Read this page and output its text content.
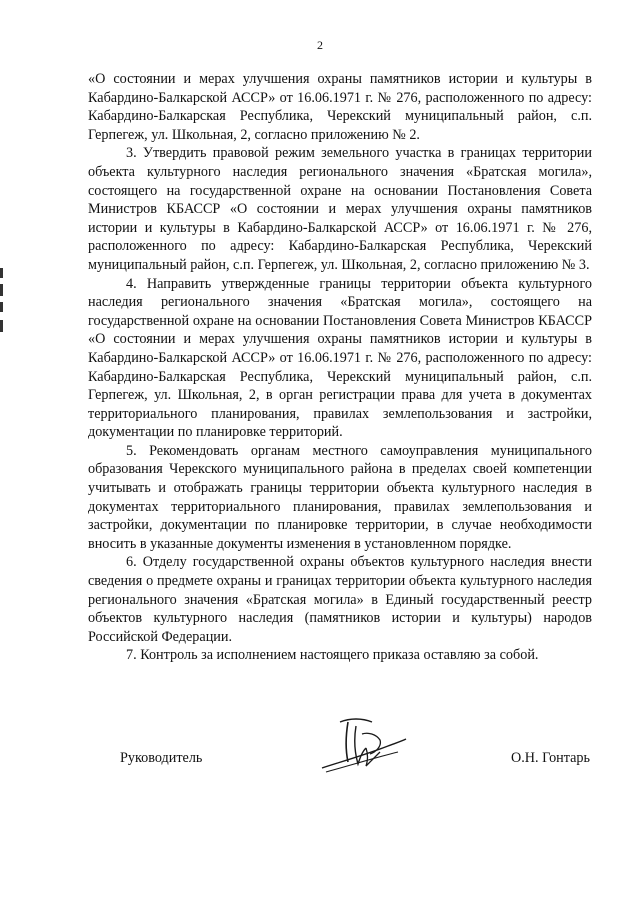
2

«О состоянии и мерах улучшения охраны памятников истории и культуры в Кабардино-Балкарской АССР» от 16.06.1971 г. № 276, расположенного по адресу: Кабардино-Балкарская Республика, Черекский муниципальный район, с.п. Герпегеж, ул. Школьная, 2, согласно приложению № 2.

3. Утвердить правовой режим земельного участка в границах территории объекта культурного наследия регионального значения «Братская могила», состоящего на государственной охране на основании Постановления Совета Министров КБАССР «О состоянии и мерах улучшения охраны памятников истории и культуры в Кабардино-Балкарской АССР» от 16.06.1971 г. № 276, расположенного по адресу: Кабардино-Балкарская Республика, Черекский муниципальный район, с.п. Герпегеж, ул. Школьная, 2, согласно приложению № 3.

4. Направить утвержденные границы территории объекта культурного наследия регионального значения «Братская могила», состоящего на государственной охране на основании Постановления Совета Министров КБАССР «О состоянии и мерах улучшения охраны памятников истории и культуры в Кабардино-Балкарской АССР» от 16.06.1971 г. № 276, расположенного по адресу: Кабардино-Балкарская Республика, Черекский муниципальный район, с.п. Герпегеж, ул. Школьная, 2, в орган регистрации права для учета в документах территориального планирования, правилах землепользования и застройки, документации по планировке территорий.

5. Рекомендовать органам местного самоуправления муниципального образования Черекского муниципального района в пределах своей компетенции учитывать и отображать границы территории объекта культурного наследия в документах территориального планирования, правилах землепользования и застройки, документации по планировке территории, в случае необходимости вносить в указанные документы изменения в установленном порядке.

6. Отделу государственной охраны объектов культурного наследия внести сведения о предмете охраны и границах территории объекта культурного наследия регионального значения «Братская могила» в Единый государственный реестр объектов культурного наследия (памятников истории и культуры) народов Российской Федерации.

7. Контроль за исполнением настоящего приказа оставляю за собой.

Руководитель	О.Н. Гонтарь
